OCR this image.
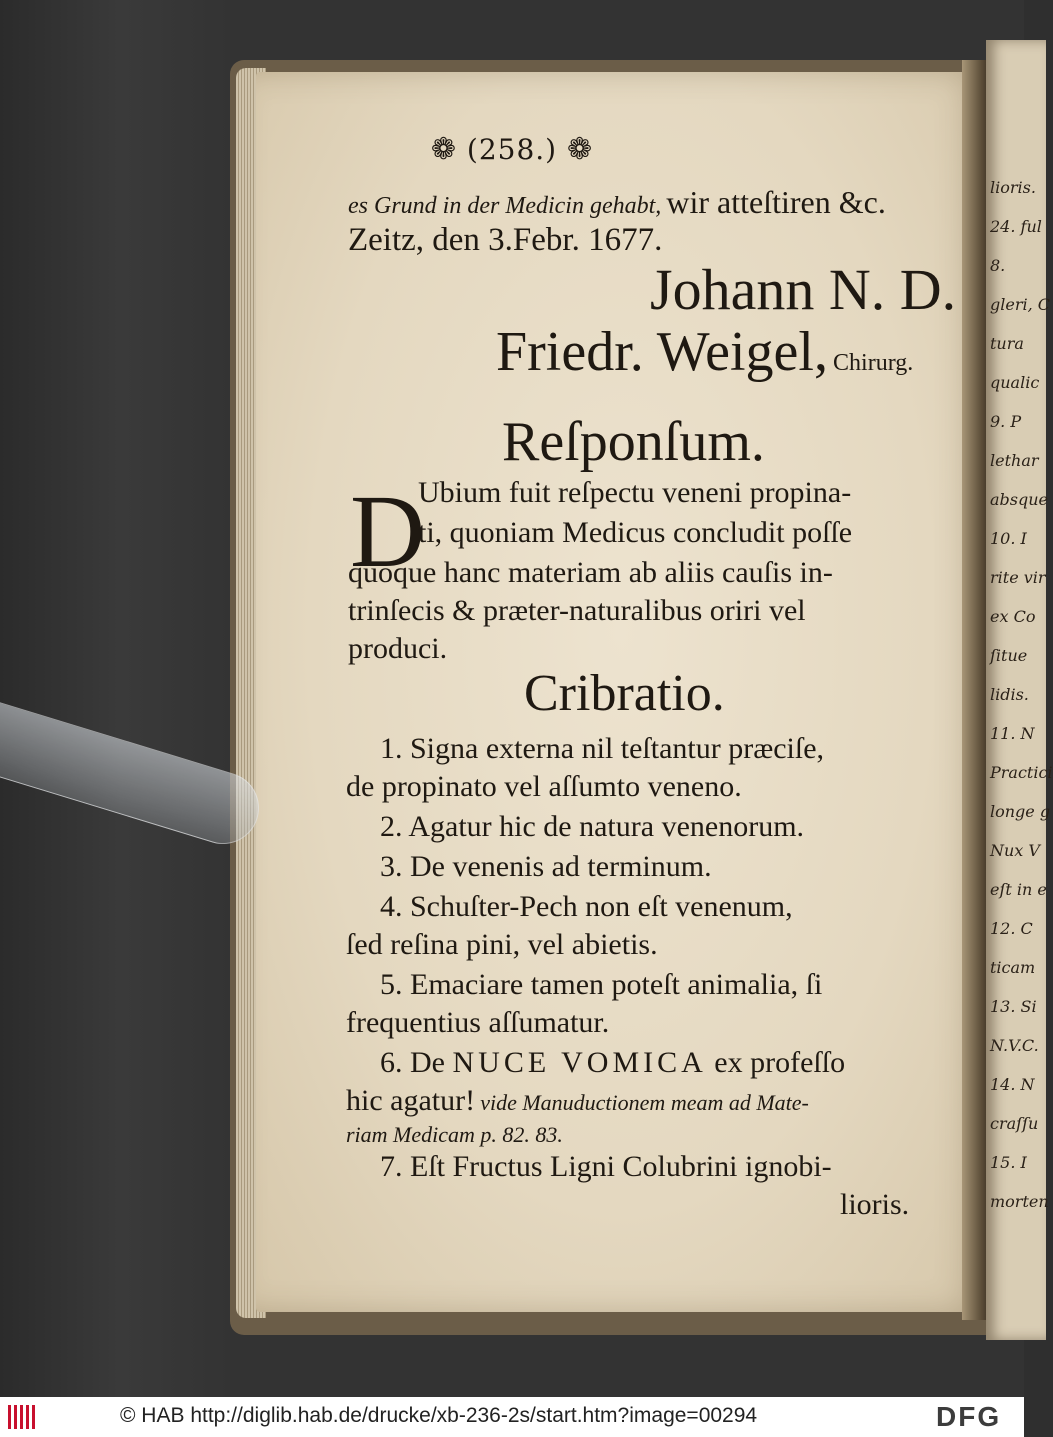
lioris.
24. ful
8.
gleri, C
tura
qualic
9. P
lethar
absque
10. I
rite vir
ex Co
ſitue
lidis.
11. N
Practici
longe g
Nux V
eſt in e
12. C
ticam
13. Si
N.V.C.
14. N
craſſu
15. I
morten
❁ (258.) ❁
es Grund in der Medicin gehabt, wir atteſtiren &c.
Zeitz, den 3.Febr. 1677.
Johann N. D.
Friedr. Weigel, Chirurg.
Reſponſum.
D
Ubium fuit reſpectu veneni propina-
ti, quoniam Medicus concludit poſſe
quoque hanc materiam ab aliis cauſis in-
trinſecis & præter-naturalibus oriri vel
produci.
Cribratio.
1. Signa externa nil teſtantur præciſe,
de propinato vel aſſumto veneno.
2. Agatur hic de natura venenorum.
3. De venenis ad terminum.
4. Schuſter-Pech non eſt venenum,
ſed reſina pini, vel abietis.
5. Emaciare tamen poteſt animalia, ſi
frequentius aſſumatur.
6. De NUCE VOMICA ex profeſſo
hic agatur! vide Manuductionem meam ad Mate-
riam Medicam p. 82. 83.
7. Eſt Fructus Ligni Colubrini ignobi-
lioris.
© HAB http://diglib.hab.de/drucke/xb-236-2s/start.htm?image=00294	DFG
